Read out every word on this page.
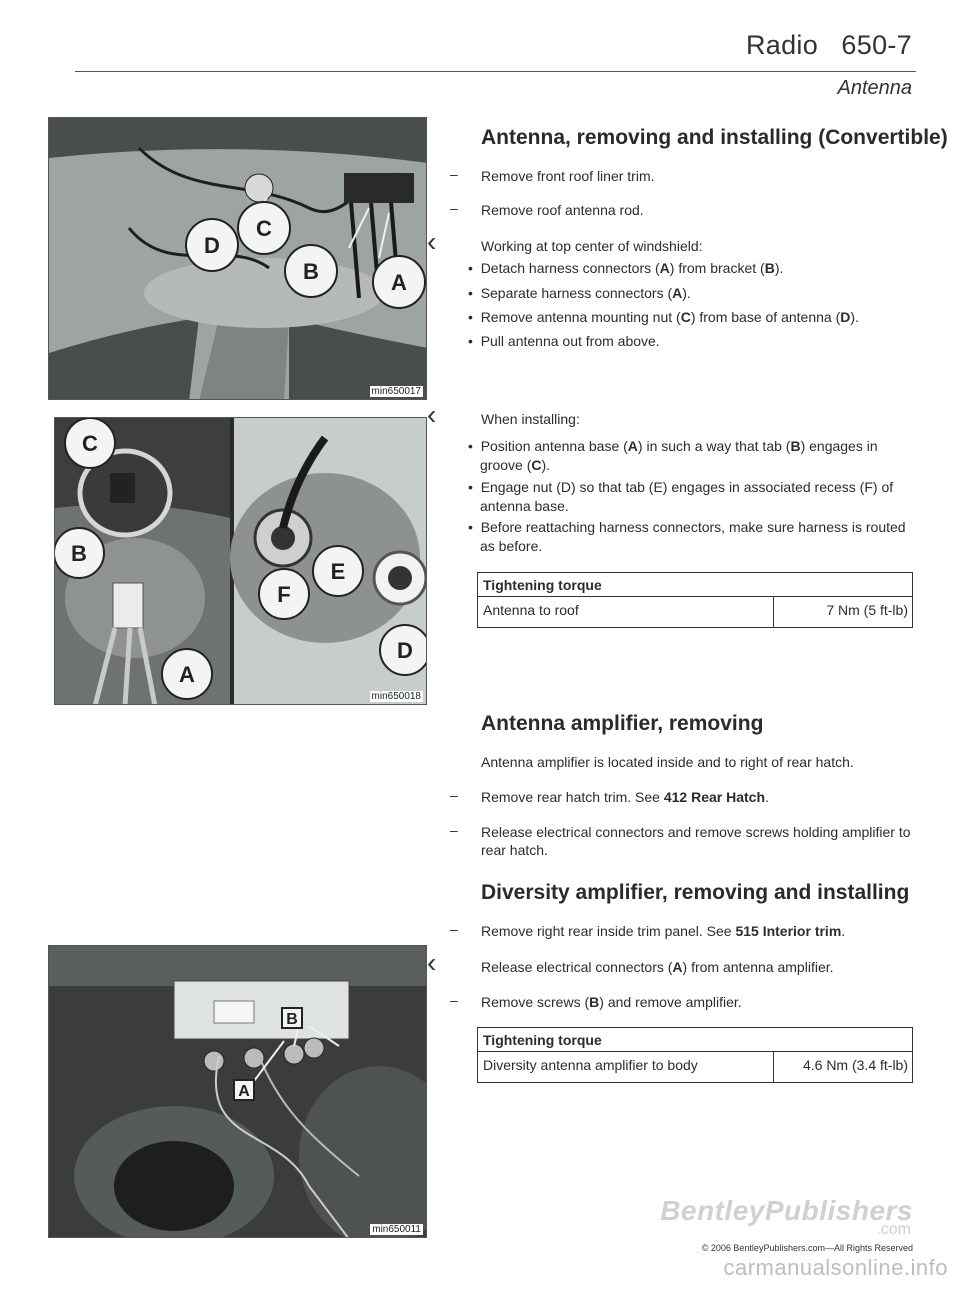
Radio   650-7
Antenna
D
C
B	A
min650017
C
B
A
F
E
D
min650018
B
A
min650011
Antenna, removing and installing (Convertible)
– Remove front roof liner trim.
– Remove roof antenna rod.
‹	Working at top center of windshield:
•  Detach harness connectors (A) from bracket (B).
•  Separate harness connectors (A).
•  Remove antenna mounting nut (C) from base of antenna (D).
•  Pull antenna out from above.
‹	When installing:
•  Position antenna base (A) in such a way that tab (B) engages in groove (C).
•  Engage nut (D) so that tab (E) engages in associated recess (F) of antenna base.
•  Before reattaching harness connectors, make sure harness is routed as before.
Tightening torque
Antenna to roof	7 Nm (5 ft-lb)
Antenna amplifier, removing
Antenna amplifier is located inside and to right of rear hatch.
– Remove rear hatch trim. See 412 Rear Hatch.
– Release electrical connectors and remove screws holding amplifier to rear hatch.
Diversity amplifier, removing and installing
– Remove right rear inside trim panel. See 515 Interior trim.
‹	Release electrical connectors (A) from antenna amplifier.
– Remove screws (B) and remove amplifier.
Tightening torque
Diversity antenna amplifier to body	4.6 Nm (3.4 ft-lb)
BentleyPublishers
.com
© 2006 BentleyPublishers.com—All Rights Reserved
carmanualsonline.info
